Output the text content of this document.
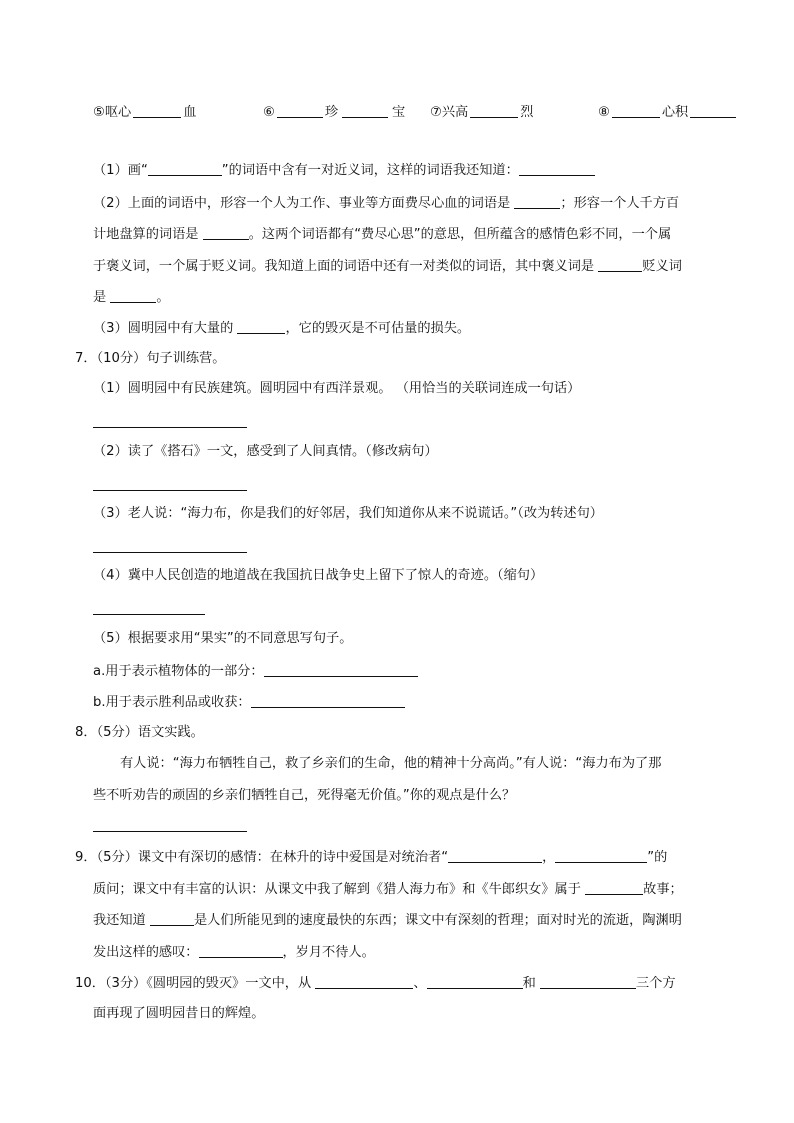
⑤呕心	血	⑥	珍	宝 ⑦兴高	烈	⑧	心积
（1）画“	”的词语中含有一对近义词，这样的词语我还知道：
（2）上面的词语中，形容一个人为工作、事业等方面费尽心血的词语是	；形容一个人千方百
计地盘算的词语是	。这两个词语都有“费尽心思”的意思，但所蕴含的感情色彩不同，一个属
于褒义词，一个属于贬义词。我知道上面的词语中还有一对类似的词语，其中褒义词是	贬义词
是	。
（3）圆明园中有大量的	，它的毁灭是不可估量的损失。
7．（10分）句子训练营。
（1）圆明园中有民族建筑。圆明园中有西洋景观。 （用恰当的关联词连成一句话）
（2）读了《搭石》一文，感受到了人间真情。（修改病句）
（3）老人说：“海力布，你是我们的好邻居，我们知道你从来不说谎话。”（改为转述句）
（4）冀中人民创造的地道战在我国抗日战争史上留下了惊人的奇迹。（缩句）
（5）根据要求用“果实”的不同意思写句子。
a.用于表示植物体的一部分：
b.用于表示胜利品或收获：
8．（5分）语文实践。
有人说：“海力布牺牲自己，救了乡亲们的生命，他的精神十分高尚。”有人说：“海力布为了那
些不听劝告的顽固的乡亲们牺牲自己，死得毫无价值。”你的观点是什么？
9．（5分）课文中有深切的感情：在林升的诗中爱国是对统治者“	，	”的
质问；课文中有丰富的认识：从课文中我了解到《猎人海力布》和《牛郎织女》属于	故事；
我还知道	是人们所能见到的速度最快的东西；课文中有深刻的哲理；面对时光的流逝，陶渊明
发出这样的感叹：	，岁月不待人。
10．（3分）《圆明园的毁灭》一文中，从	、	和	三个方
面再现了圆明园昔日的辉煌。
